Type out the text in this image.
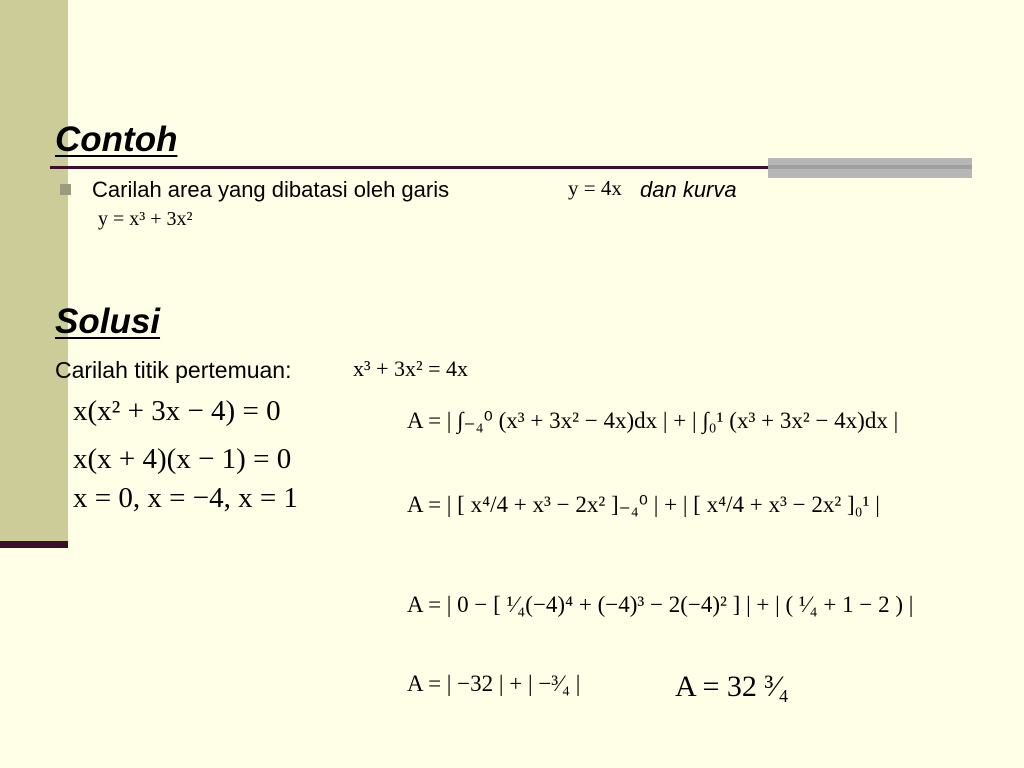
Contoh
Carilah area yang dibatasi oleh garis	y = 4x dan kurva
y = x³ + 3x²
Solusi
Carilah titik pertemuan:	x³ + 3x² = 4x
x(x² + 3x − 4) = 0
x(x + 4)(x − 1) = 0
x = 0, x = −4, x = 1
A = | ∫₋₄⁰ (x³ + 3x² − 4x)dx | + | ∫₀¹ (x³ + 3x² − 4x)dx |
A = | [ x⁴/4 + x³ − 2x² ]₋₄⁰ | + | [ x⁴/4 + x³ − 2x² ]₀¹ |
A = | 0 − [ ¹⁄₄(−4)⁴ + (−4)³ − 2(−4)² ] | + | ( ¹⁄₄ + 1 − 2 ) |
A = | −32 | + | −³⁄₄ |	A = 32 ³⁄₄
